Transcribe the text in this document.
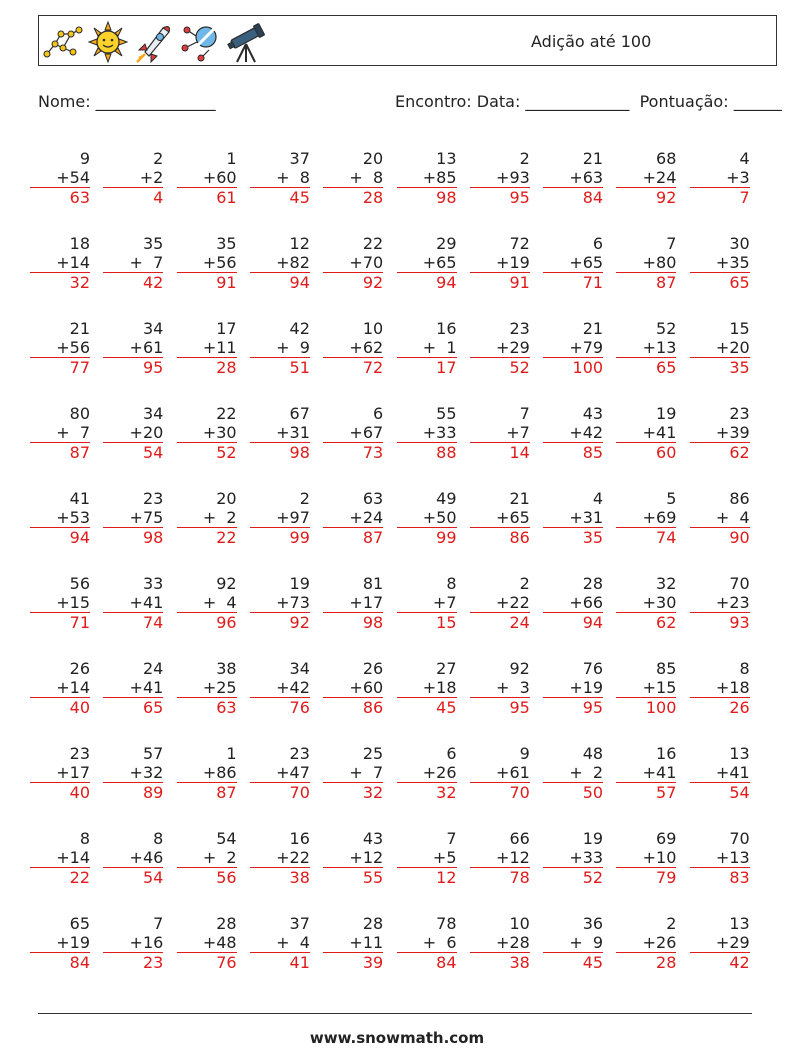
Adição até 100
Nome: _______________	Encontro: Data: _____________  Pontuação: ______
9
+54
63
2
+2
4
1
+60
61
37
+  8
45
20
+  8
28
13
+85
98
2
+93
95
21
+63
84
68
+24
92
4
+3
7
18
+14
32
35
+  7
42
35
+56
91
12
+82
94
22
+70
92
29
+65
94
72
+19
91
6
+65
71
7
+80
87
30
+35
65
21
+56
77
34
+61
95
17
+11
28
42
+  9
51
10
+62
72
16
+  1
17
23
+29
52
21
+79
100
52
+13
65
15
+20
35
80
+  7
87
34
+20
54
22
+30
52
67
+31
98
6
+67
73
55
+33
88
7
+7
14
43
+42
85
19
+41
60
23
+39
62
41
+53
94
23
+75
98
20
+  2
22
2
+97
99
63
+24
87
49
+50
99
21
+65
86
4
+31
35
5
+69
74
86
+  4
90
56
+15
71
33
+41
74
92
+  4
96
19
+73
92
81
+17
98
8
+7
15
2
+22
24
28
+66
94
32
+30
62
70
+23
93
26
+14
40
24
+41
65
38
+25
63
34
+42
76
26
+60
86
27
+18
45
92
+  3
95
76
+19
95
85
+15
100
8
+18
26
23
+17
40
57
+32
89
1
+86
87
23
+47
70
25
+  7
32
6
+26
32
9
+61
70
48
+  2
50
16
+41
57
13
+41
54
8
+14
22
8
+46
54
54
+  2
56
16
+22
38
43
+12
55
7
+5
12
66
+12
78
19
+33
52
69
+10
79
70
+13
83
65
+19
84
7
+16
23
28
+48
76
37
+  4
41
28
+11
39
78
+  6
84
10
+28
38
36
+  9
45
2
+26
28
13
+29
42
www.snowmath.com
